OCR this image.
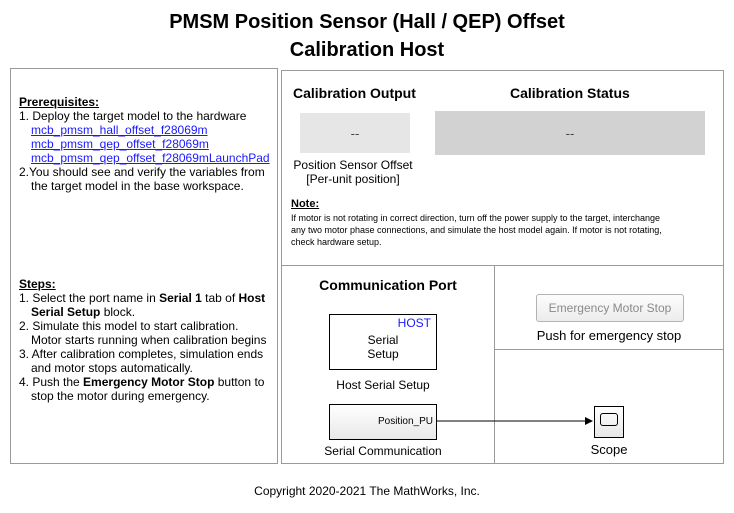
PMSM Position Sensor (Hall / QEP) Offset
Calibration Host
Prerequisites:
1. Deploy the target model to the hardware
mcb_pmsm_hall_offset_f28069m
mcb_pmsm_qep_offset_f28069m
mcb_pmsm_qep_offset_f28069mLaunchPad
2.You should see and verify the variables from
the target model in the base workspace.
Steps:
1. Select the port name in Serial 1 tab of Host
Serial Setup block.
2. Simulate this model to start calibration.
Motor starts running when calibration begins
3. After calibration completes, simulation ends
and motor stops automatically.
4. Push the Emergency Motor Stop button to
stop the motor during emergency.
Calibration Output	Calibration Status
--	--
Position Sensor Offset
[Per-unit position]
Note:
If motor is not rotating in correct direction, turn off the power supply to the target, interchange
any two motor phase connections, and simulate the host model again. If motor is not rotating,
check hardware setup.
Communication Port
HOST
Serial
Setup
Host Serial Setup
Position_PU
Serial Communication
Emergency Motor Stop
Push for emergency stop
Scope
Copyright 2020-2021 The MathWorks, Inc.
